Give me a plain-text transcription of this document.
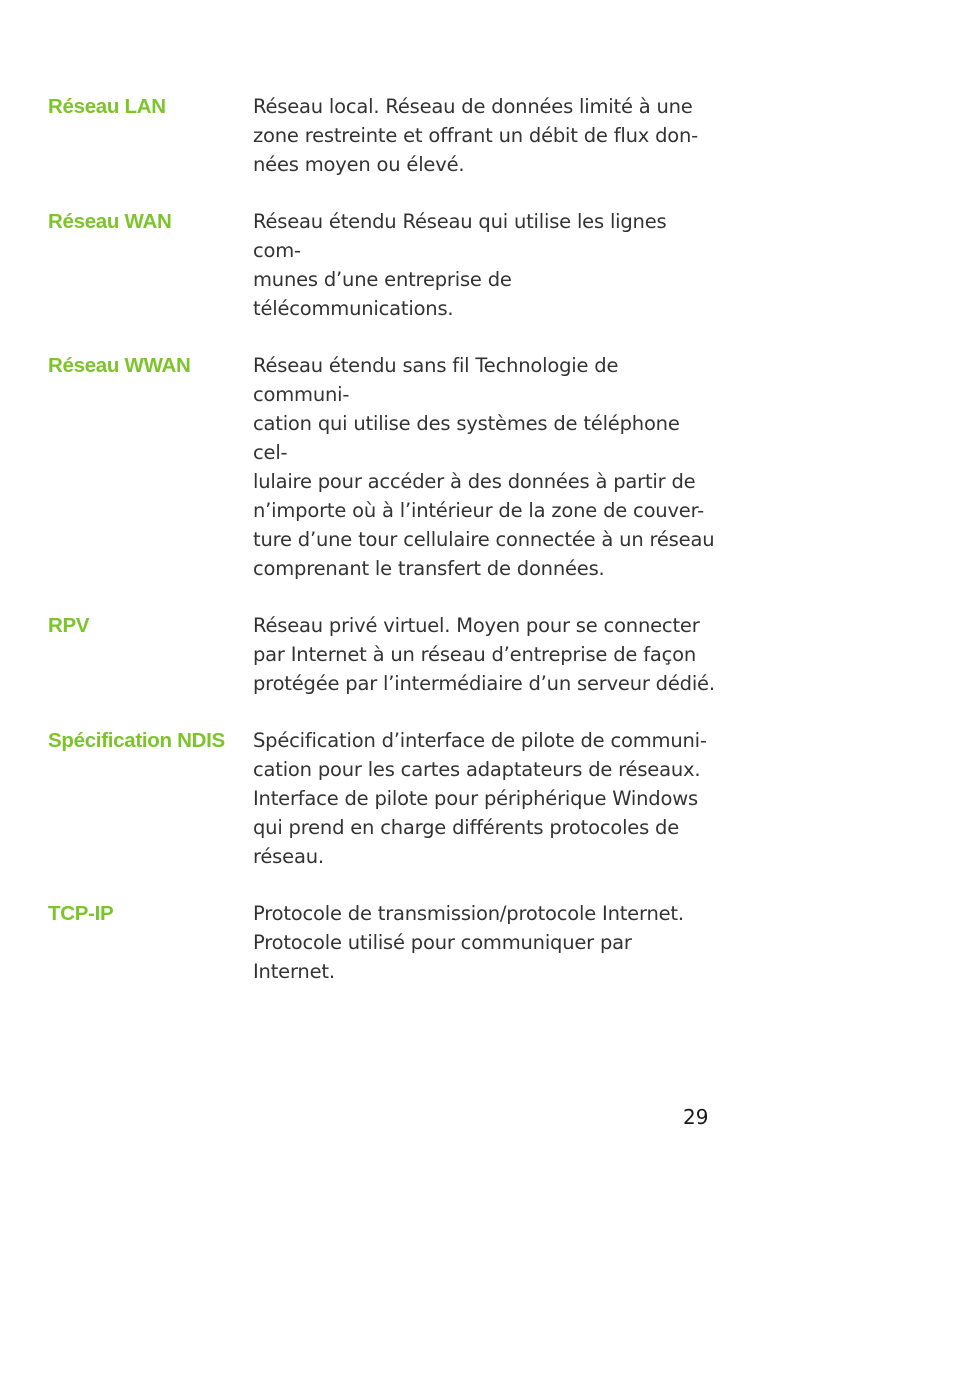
Réseau LAN	Réseau local. Réseau de données limité à une
zone restreinte et offrant un débit de flux don-
nées moyen ou élevé.
Réseau WAN	Réseau étendu Réseau qui utilise les lignes com-
munes d’une entreprise de télécommunications.
Réseau WWAN	Réseau étendu sans fil Technologie de communi-
cation qui utilise des systèmes de téléphone cel-
lulaire pour accéder à des données à partir de
n’importe où à l’intérieur de la zone de couver-
ture d’une tour cellulaire connectée à un réseau
comprenant le transfert de données.
RPV	Réseau privé virtuel. Moyen pour se connecter
par Internet à un réseau d’entreprise de façon
protégée par l’intermédiaire d’un serveur dédié.
Spécification NDIS	Spécification d’interface de pilote de communi-
cation pour les cartes adaptateurs de réseaux.
Interface de pilote pour périphérique Windows
qui prend en charge différents protocoles de
réseau.
TCP-IP	Protocole de transmission/protocole Internet.
Protocole utilisé pour communiquer par Internet.
29
